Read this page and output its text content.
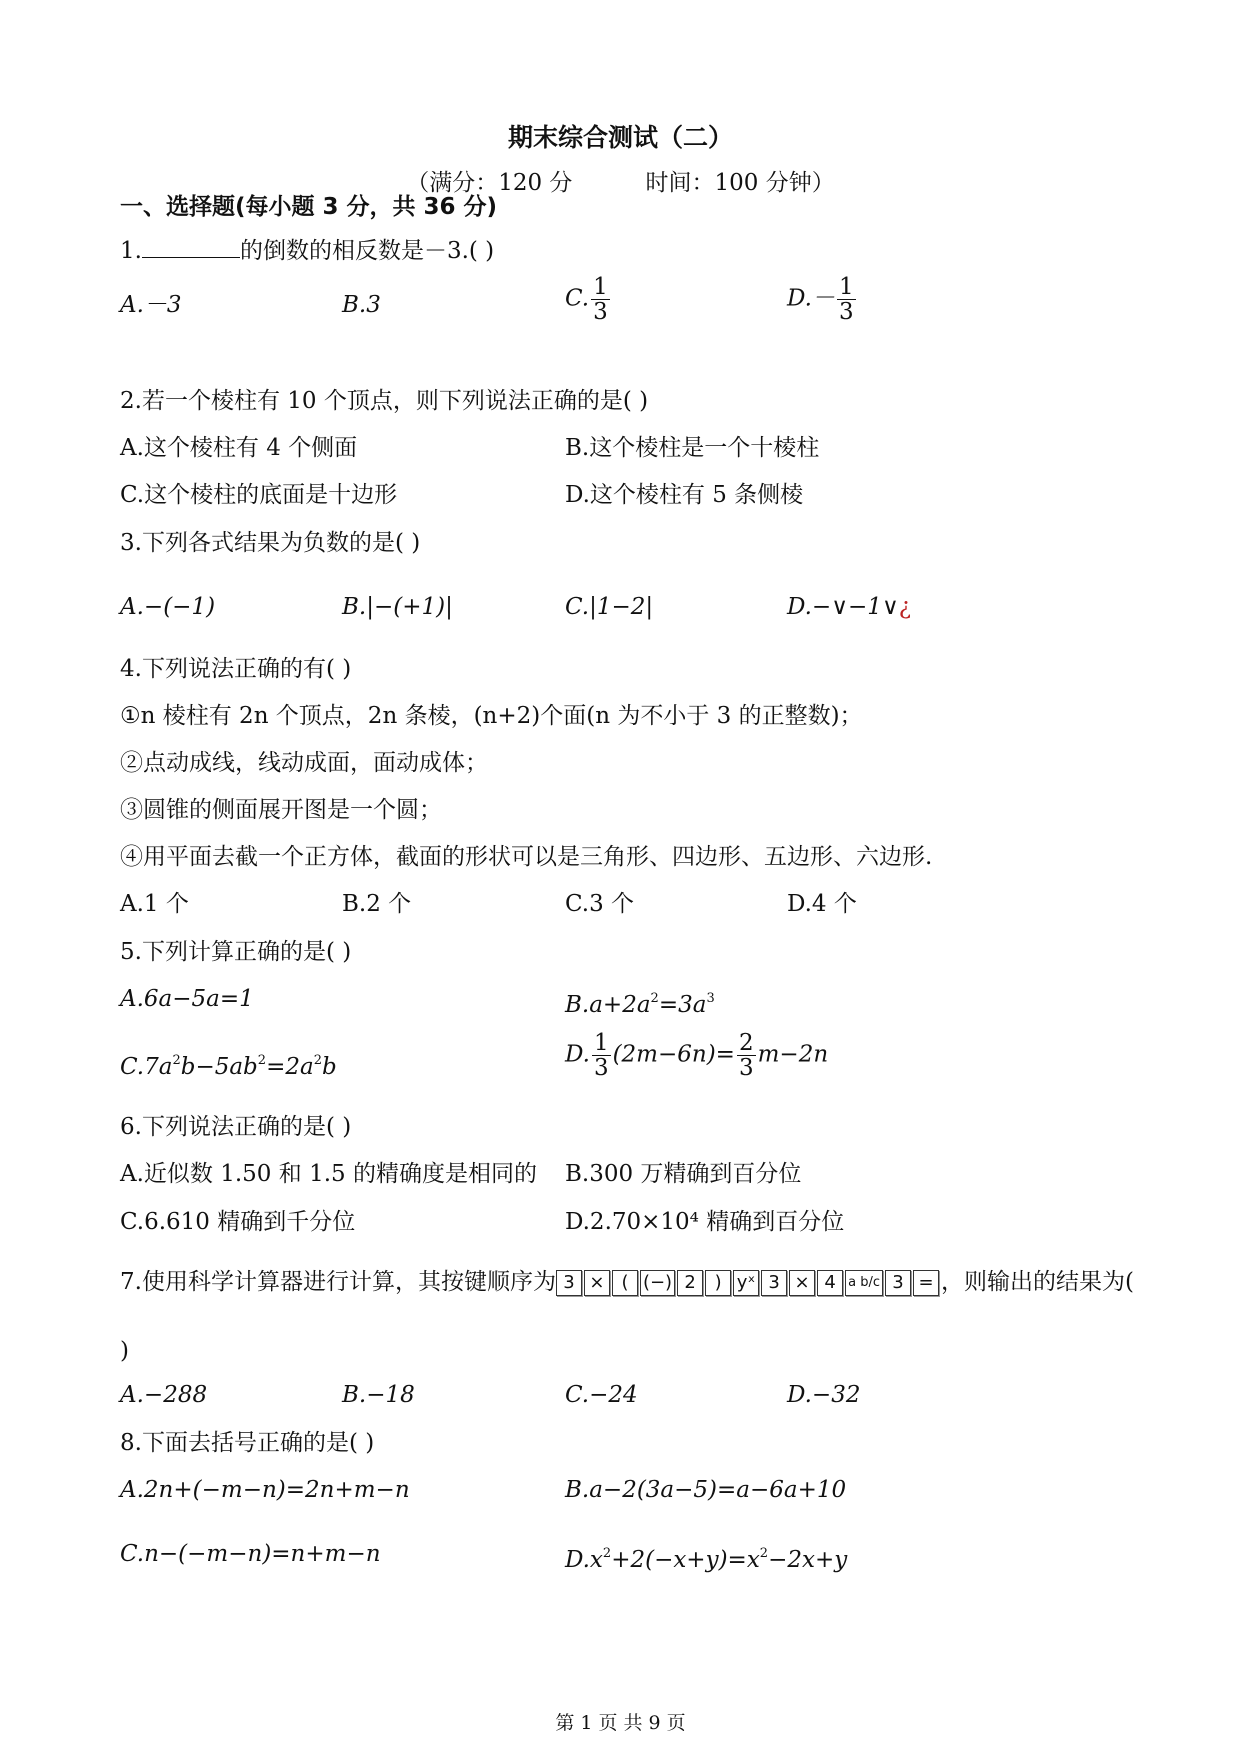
期末综合测试（二）
（满分：120 分          时间：100 分钟）
一、选择题(每小题 3 分，共 36 分)
1.	的倒数的相反数是－3.( )
A.－3	B.3	C. $\frac{1}{3}$	$D.- \frac{1}{3}$
2.若一个棱柱有 10 个顶点，则下列说法正确的是( )
A.这个棱柱有 4 个侧面	B.这个棱柱是一个十棱柱
C.这个棱柱的底面是十边形	D.这个棱柱有 5 条侧棱
3.下列各式结果为负数的是( )
A.−(−1)	B.|−(+1)|	C.|1−2|	D.−∨−1∨¿
4.下列说法正确的有( )
①n 棱柱有 2n 个顶点，2n 条棱，(n+2)个面(n 为不小于 3 的正整数)；
②点动成线，线动成面，面动成体；
③圆锥的侧面展开图是一个圆；
④用平面去截一个正方体，截面的形状可以是三角形、四边形、五边形、六边形.
A.1 个	B.2 个	C.3 个	D.4 个
5.下列计算正确的是( )
A.6a−5a=1	$B.a+2a^2=3a^3$
$C.7a^2b-5ab^2=2a^2b$	D. $\frac{1}{3} (2m-6n)= \frac{2}{3} m-2n$
6.下列说法正确的是( )
A.近似数 1.50 和 1.5 的精确度是相同的 B.300 万精确到百分位
C.6.610 精确到千分位	D.2.70×10⁴ 精确到百分位
7.使用科学计算器进行计算，其按键顺序为 3 × ( (−) 2 ) yˣ 3 × 4 a b/c 3 = ，则输出的结果为(
)
A.−288	B.−18	C.−24	D.−32
8.下面去括号正确的是( )
A.2n+(−m−n)=2n+m−n	B.a−2(3a−5)=a−6a+10
C.n−(−m−n)=n+m−n	$D.x^2+2(-x+y)=x^2-2x+y$
第 1 页 共 9 页
